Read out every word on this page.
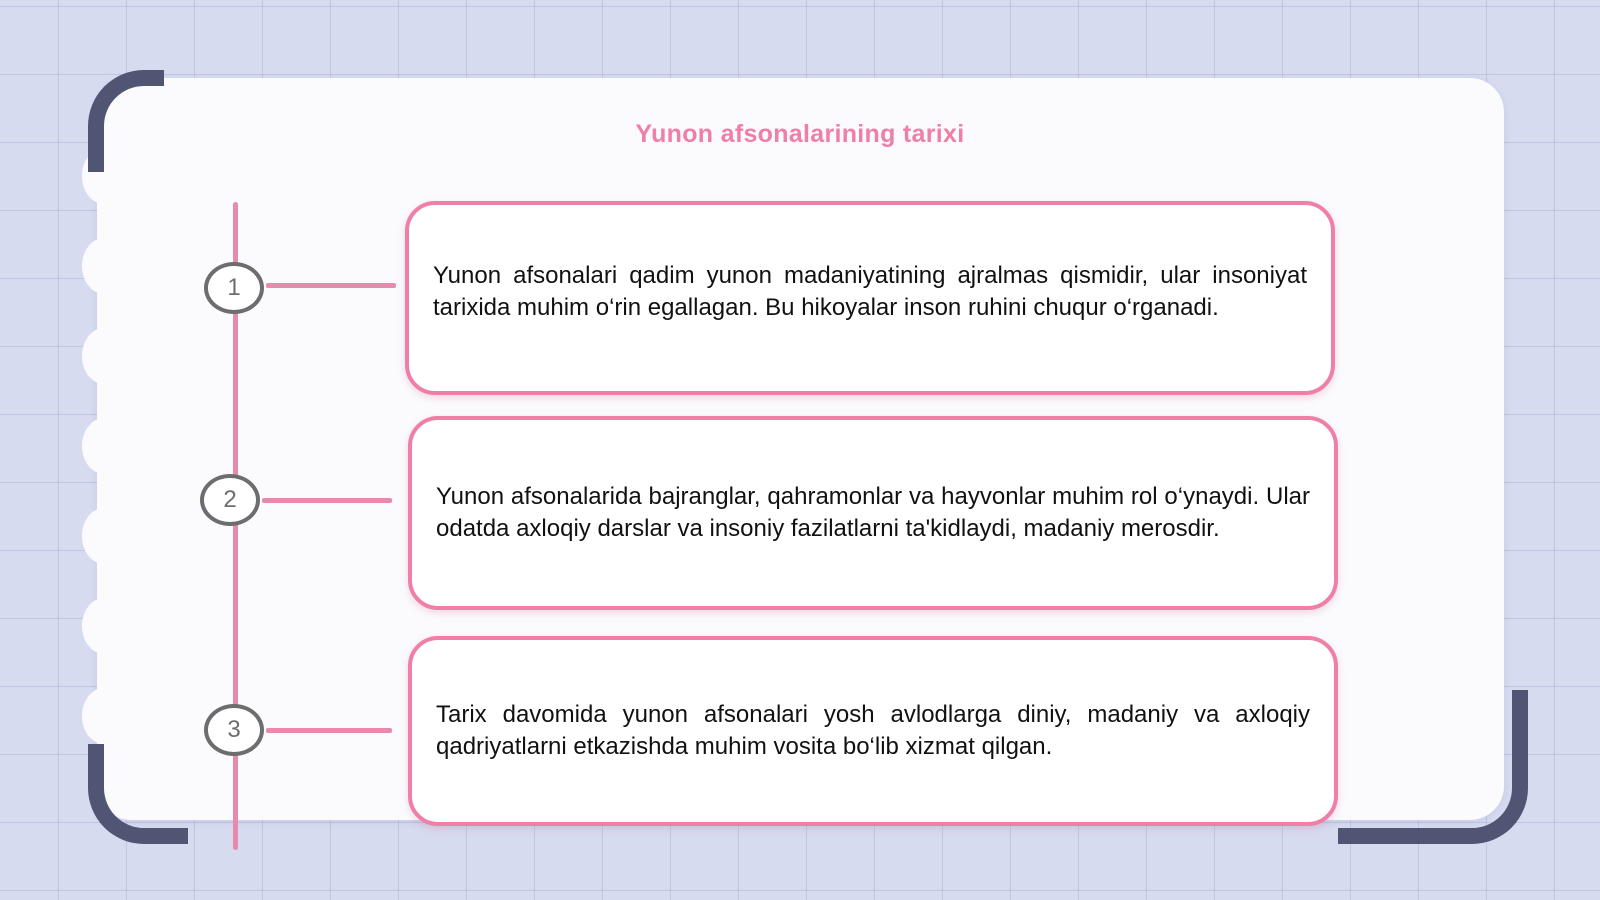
Yunon afsonalarining tarixi
1
2
3
Yunon afsonalari qadim yunon madaniyatining ajralmas qismidir, ular insoniyat tarixida muhim o‘rin egallagan. Bu hikoyalar inson ruhini chuqur o‘rganadi.
Yunon afsonalarida bajranglar, qahramonlar va hayvonlar muhim rol o‘ynaydi. Ular odatda axloqiy darslar va insoniy fazilatlarni ta'kidlaydi, madaniy merosdir.
Tarix davomida yunon afsonalari yosh avlodlarga diniy, madaniy va axloqiy qadriyatlarni etkazishda muhim vosita bo‘lib xizmat qilgan.
